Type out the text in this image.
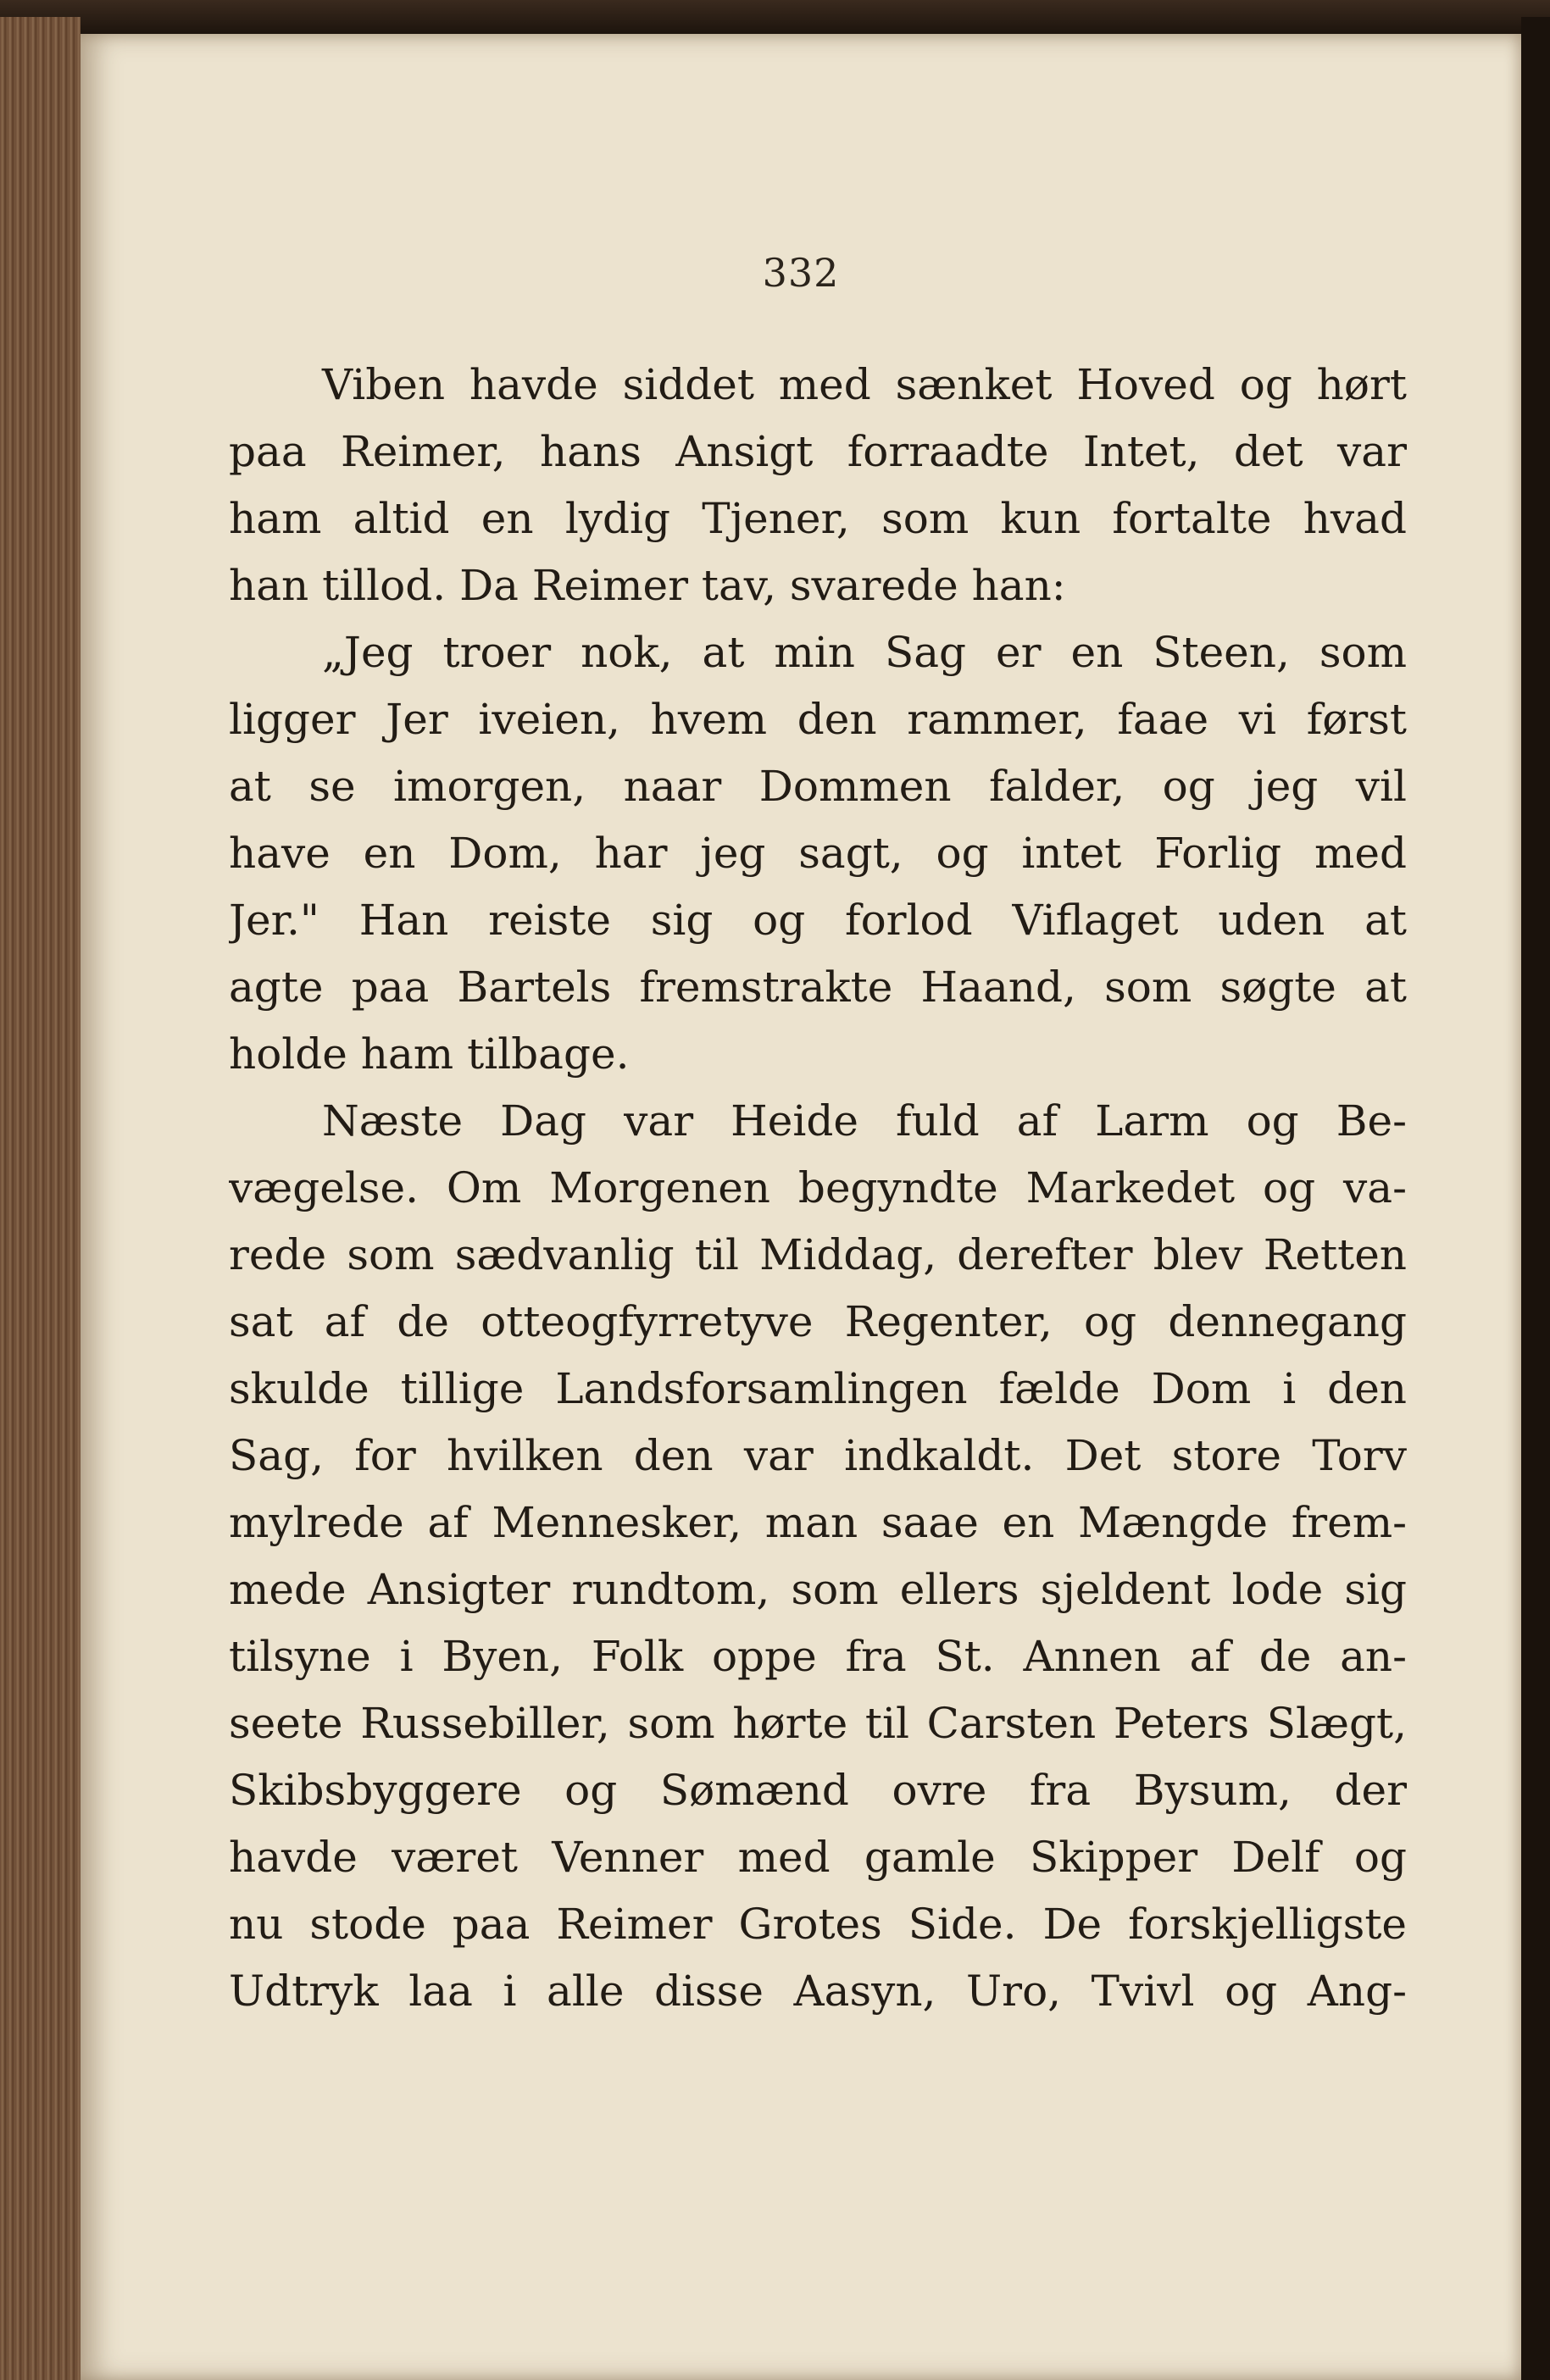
332
Viben havde siddet med sænket Hoved og hørt
paa Reimer, hans Ansigt forraadte Intet, det var
ham altid en lydig Tjener, som kun fortalte hvad
han tillod. Da Reimer tav, svarede han:
„Jeg troer nok, at min Sag er en Steen, som
ligger Jer iveien, hvem den rammer, faae vi først
at se imorgen, naar Dommen falder, og jeg vil
have en Dom, har jeg sagt, og intet Forlig med
Jer." Han reiste sig og forlod Viflaget uden at
agte paa Bartels fremstrakte Haand, som søgte at
holde ham tilbage.
Næste Dag var Heide fuld af Larm og Be-
vægelse. Om Morgenen begyndte Markedet og va-
rede som sædvanlig til Middag, derefter blev Retten
sat af de otteogfyrretyve Regenter, og dennegang
skulde tillige Landsforsamlingen fælde Dom i den
Sag, for hvilken den var indkaldt. Det store Torv
mylrede af Mennesker, man saae en Mængde frem-
mede Ansigter rundtom, som ellers sjeldent lode sig
tilsyne i Byen, Folk oppe fra St. Annen af de an-
seete Russebiller, som hørte til Carsten Peters Slægt,
Skibsbyggere og Sømænd ovre fra Bysum, der
havde været Venner med gamle Skipper Delf og
nu stode paa Reimer Grotes Side. De forskjelligste
Udtryk laa i alle disse Aasyn, Uro, Tvivl og Ang-
